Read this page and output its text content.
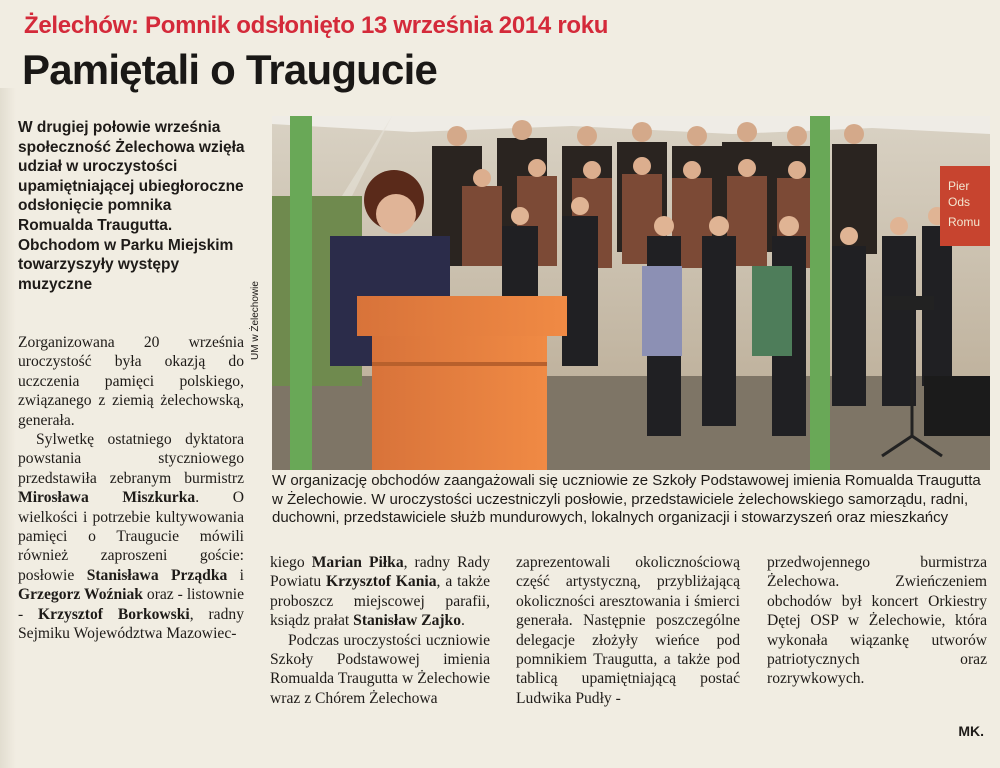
Żelechów: Pomnik odsłonięto 13 września 2014 roku
Pamiętali o Traugucie

W drugiej połowie września społeczność Żelechowa wzięła udział w uroczystości upamiętniającej ubiegłoroczne odsłonięcie pomnika Romualda Traugutta. Obchodom w Parku Miejskim towarzyszyły występy muzyczne

Zorganizowana 20 września uroczystość była okazją do uczczenia pamięci polskiego, związanego z ziemią żelechowską, generała.

Sylwetkę ostatniego dyktatora powstania styczniowego przedstawiła zebranym burmistrz Mirosława Miszkurka. O wielkości i potrzebie kultywowania pamięci o Traugucie mówili również zaproszeni goście: posłowie Stanisława Prządka i Grzegorz Woźniak oraz - listownie - Krzysztof Borkowski, radny Sejmiku Województwa Mazowiec-

Pier
Ods
Romu
UM w Żelechowie

W organizację obchodów zaangażowali się uczniowie ze Szkoły Podstawowej imienia Romualda Traugutta w Żelechowie. W uroczystości uczestniczyli posłowie, przedstawiciele żelechowskiego samorządu, radni, duchowni, przedstawiciele służb mundurowych, lokalnych organizacji i stowarzyszeń oraz mieszkańcy

kiego Marian Piłka, radny Rady Powiatu Krzysztof Kania, a także proboszcz miejscowej parafii, ksiądz prałat Stanisław Zajko.

Podczas uroczystości uczniowie Szkoły Podstawowej imienia Romualda Traugutta w Żelechowie wraz z Chórem Żelechowa

zaprezentowali okolicznościową część artystyczną, przybliżającą okoliczności aresztowania i śmierci generała. Następnie poszczególne delegacje złożyły wieńce pod pomnikiem Traugutta, a także pod tablicą upamiętniającą postać Ludwika Pudły -

przedwojennego burmistrza Żelechowa. Zwieńczeniem obchodów był koncert Orkiestry Dętej OSP w Żelechowie, która wykonała wiązankę utworów patriotycznych oraz rozrywkowych.

MK.
